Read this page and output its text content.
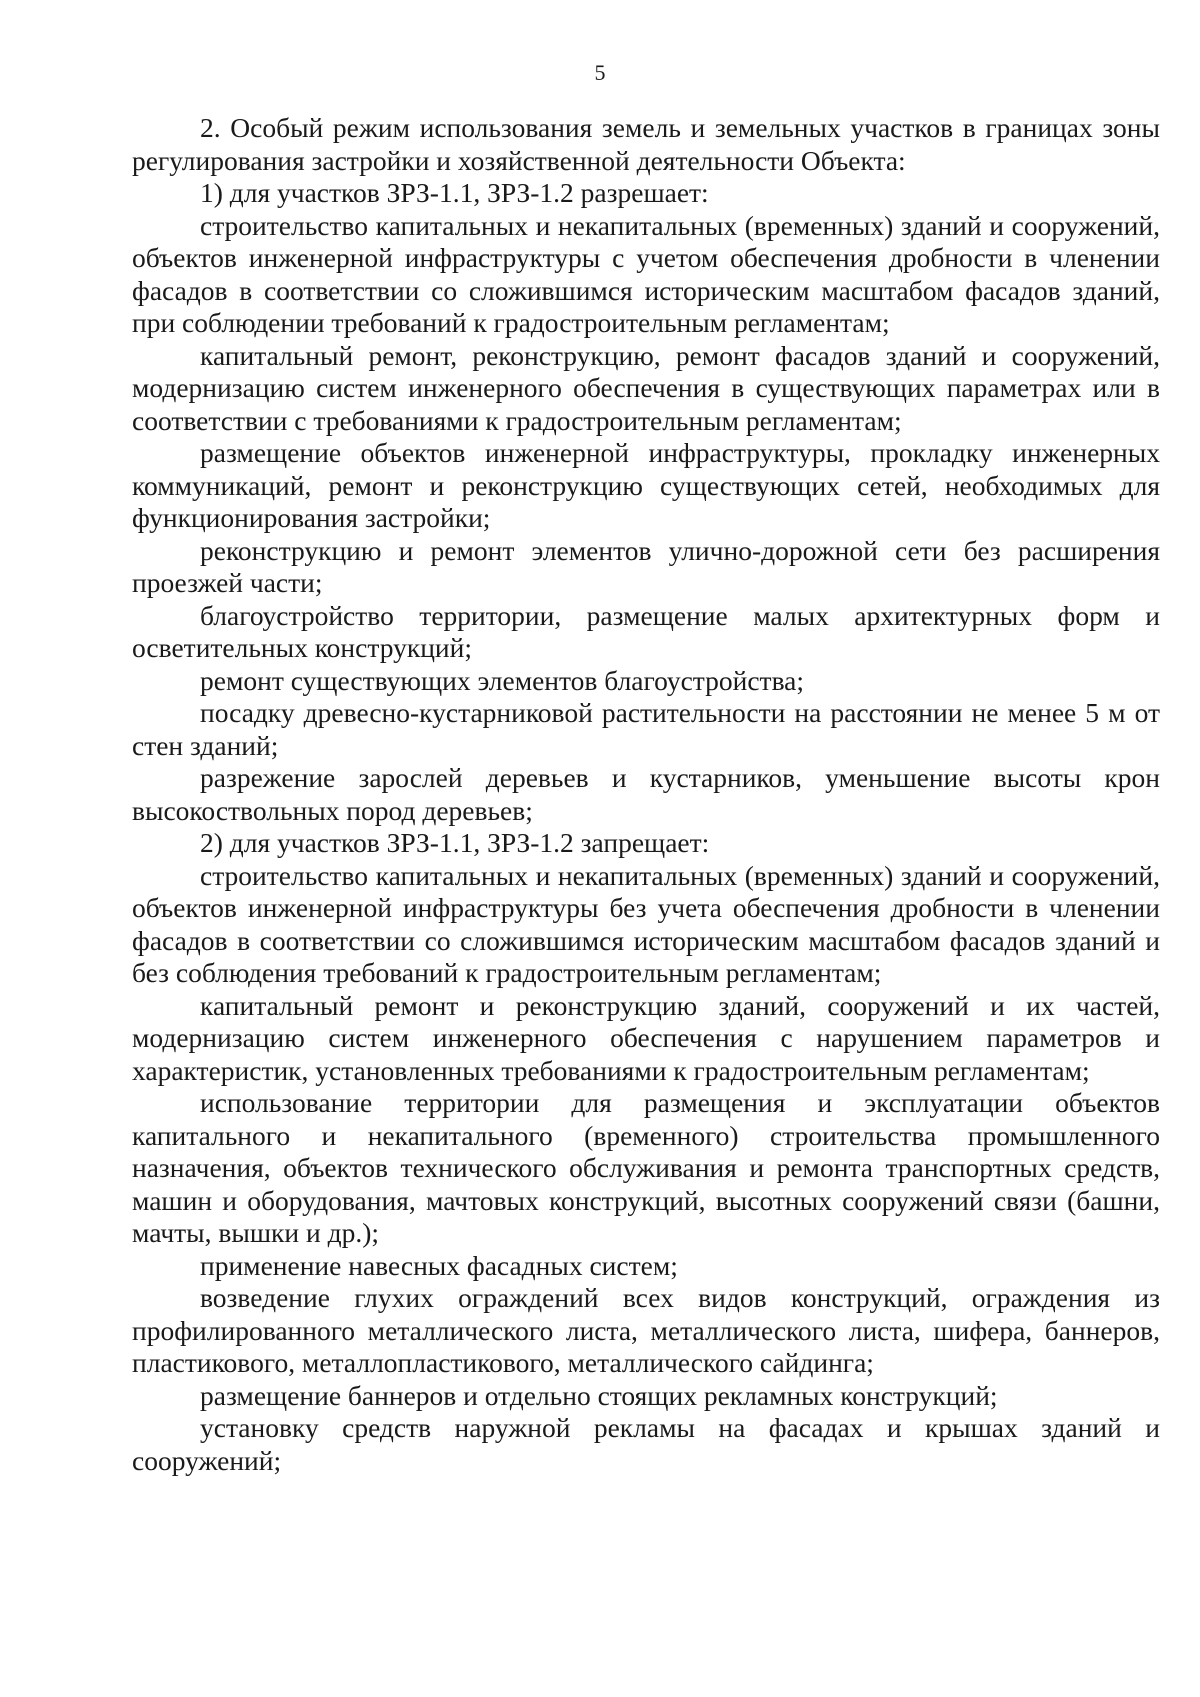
5

2. Особый режим использования земель и земельных участков в границах зоны регулирования застройки и хозяйственной деятельности Объекта:

1) для участков ЗРЗ-1.1, ЗРЗ-1.2 разрешает:

строительство капитальных и некапитальных (временных) зданий и сооружений, объектов инженерной инфраструктуры с учетом обеспечения дробности в членении фасадов в соответствии со сложившимся историческим масштабом фасадов зданий, при соблюдении требований к градостроительным регламентам;

капитальный ремонт, реконструкцию, ремонт фасадов зданий и сооружений, модернизацию систем инженерного обеспечения в существующих параметрах или в соответствии с требованиями к градостроительным регламентам;

размещение объектов инженерной инфраструктуры, прокладку инженерных коммуникаций, ремонт и реконструкцию существующих сетей, необходимых для функционирования застройки;

реконструкцию и ремонт элементов улично-дорожной сети без расширения проезжей части;

благоустройство территории, размещение малых архитектурных форм и осветительных конструкций;

ремонт существующих элементов благоустройства;

посадку древесно-кустарниковой растительности на расстоянии не менее 5 м от стен зданий;

разрежение зарослей деревьев и кустарников, уменьшение высоты крон высокоствольных пород деревьев;

2) для участков ЗРЗ-1.1, ЗРЗ-1.2 запрещает:

строительство капитальных и некапитальных (временных) зданий и сооружений, объектов инженерной инфраструктуры без учета обеспечения дробности в членении фасадов в соответствии со сложившимся историческим масштабом фасадов зданий и без соблюдения требований к градостроительным регламентам;

капитальный ремонт и реконструкцию зданий, сооружений и их частей, модернизацию систем инженерного обеспечения с нарушением параметров и характеристик, установленных требованиями к градостроительным регламентам;

использование территории для размещения и эксплуатации объектов капитального и некапитального (временного) строительства промышленного назначения, объектов технического обслуживания и ремонта транспортных средств, машин и оборудования, мачтовых конструкций, высотных сооружений связи (башни, мачты, вышки и др.);

применение навесных фасадных систем;

возведение глухих ограждений всех видов конструкций, ограждения из профилированного металлического листа, металлического листа, шифера, баннеров, пластикового, металлопластикового, металлического сайдинга;

размещение баннеров и отдельно стоящих рекламных конструкций;

установку средств наружной рекламы на фасадах и крышах зданий и сооружений;
